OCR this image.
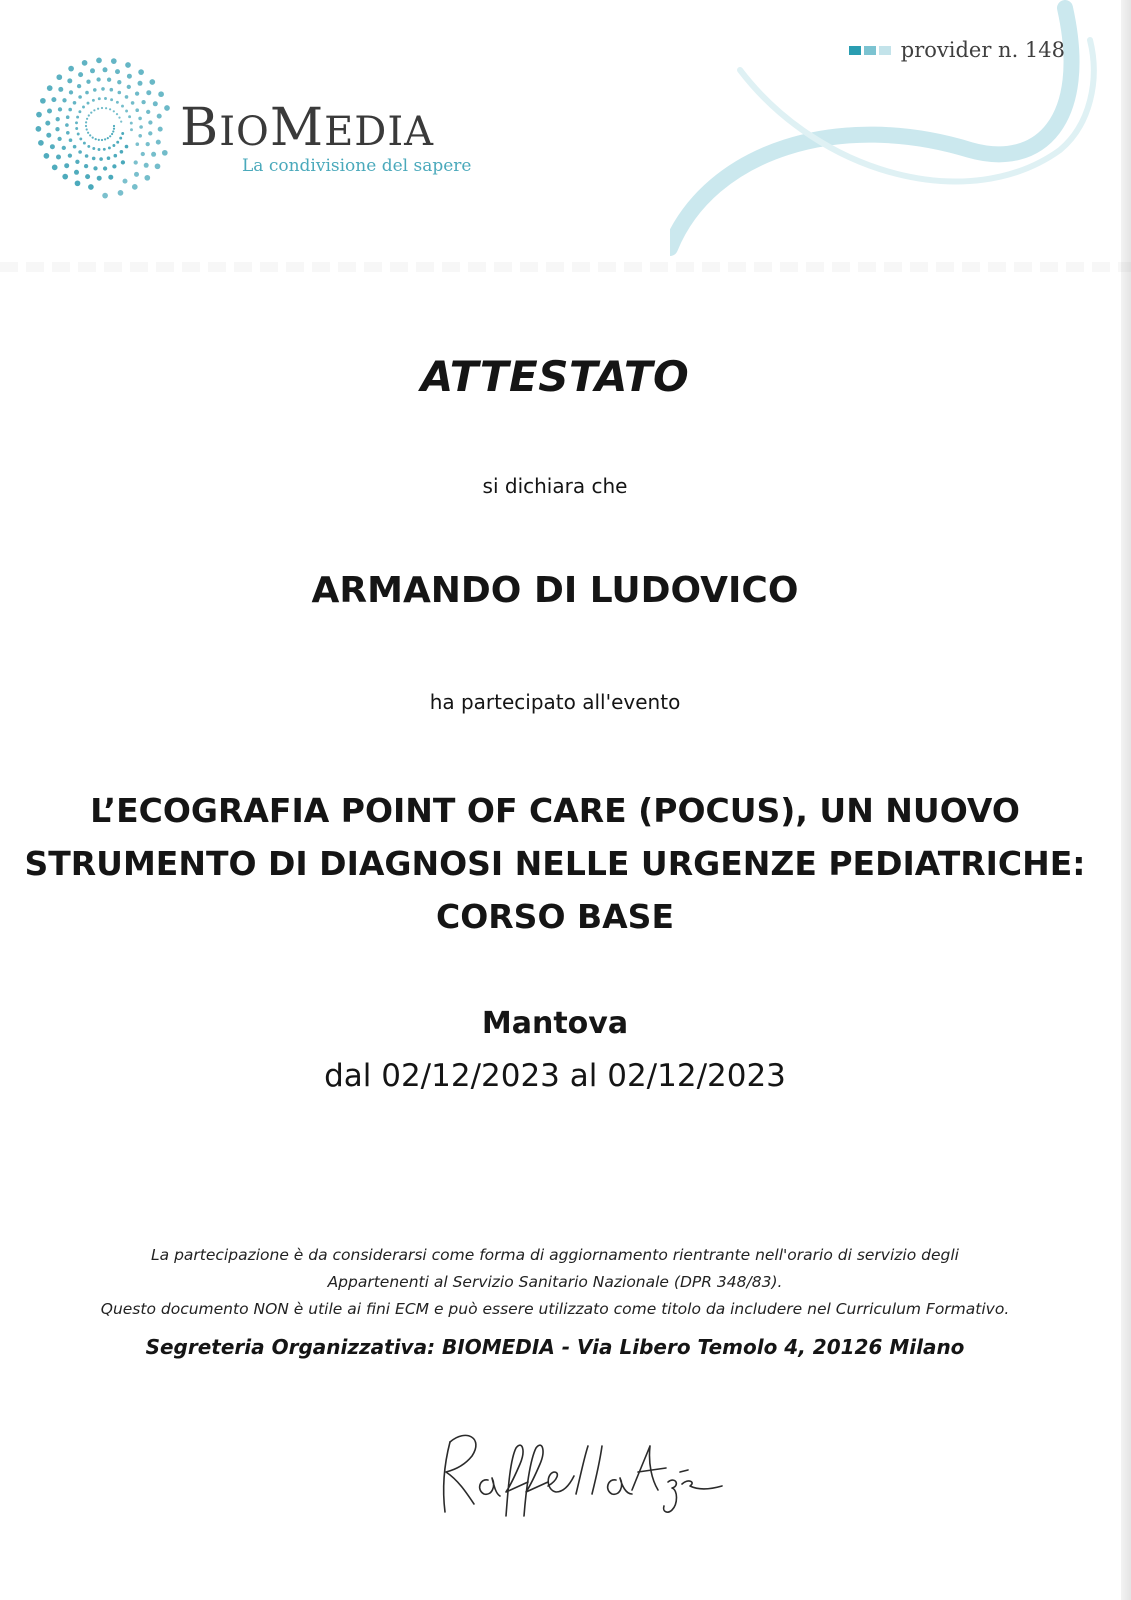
BIOMEDIA
La condivisione del sapere
provider n. 148
ATTESTATO
si dichiara che
ARMANDO DI LUDOVICO
ha partecipato all'evento
L’ECOGRAFIA POINT OF CARE (POCUS), UN NUOVO
STRUMENTO DI DIAGNOSI NELLE URGENZE PEDIATRICHE:
CORSO BASE
Mantova
dal 02/12/2023 al 02/12/2023
La partecipazione è da considerarsi come forma di aggiornamento rientrante nell'orario di servizio degli
Appartenenti al Servizio Sanitario Nazionale (DPR 348/83).
Questo documento NON è utile ai fini ECM e può essere utilizzato come titolo da includere nel Curriculum Formativo.
Segreteria Organizzativa: BIOMEDIA - Via Libero Temolo 4, 20126 Milano
